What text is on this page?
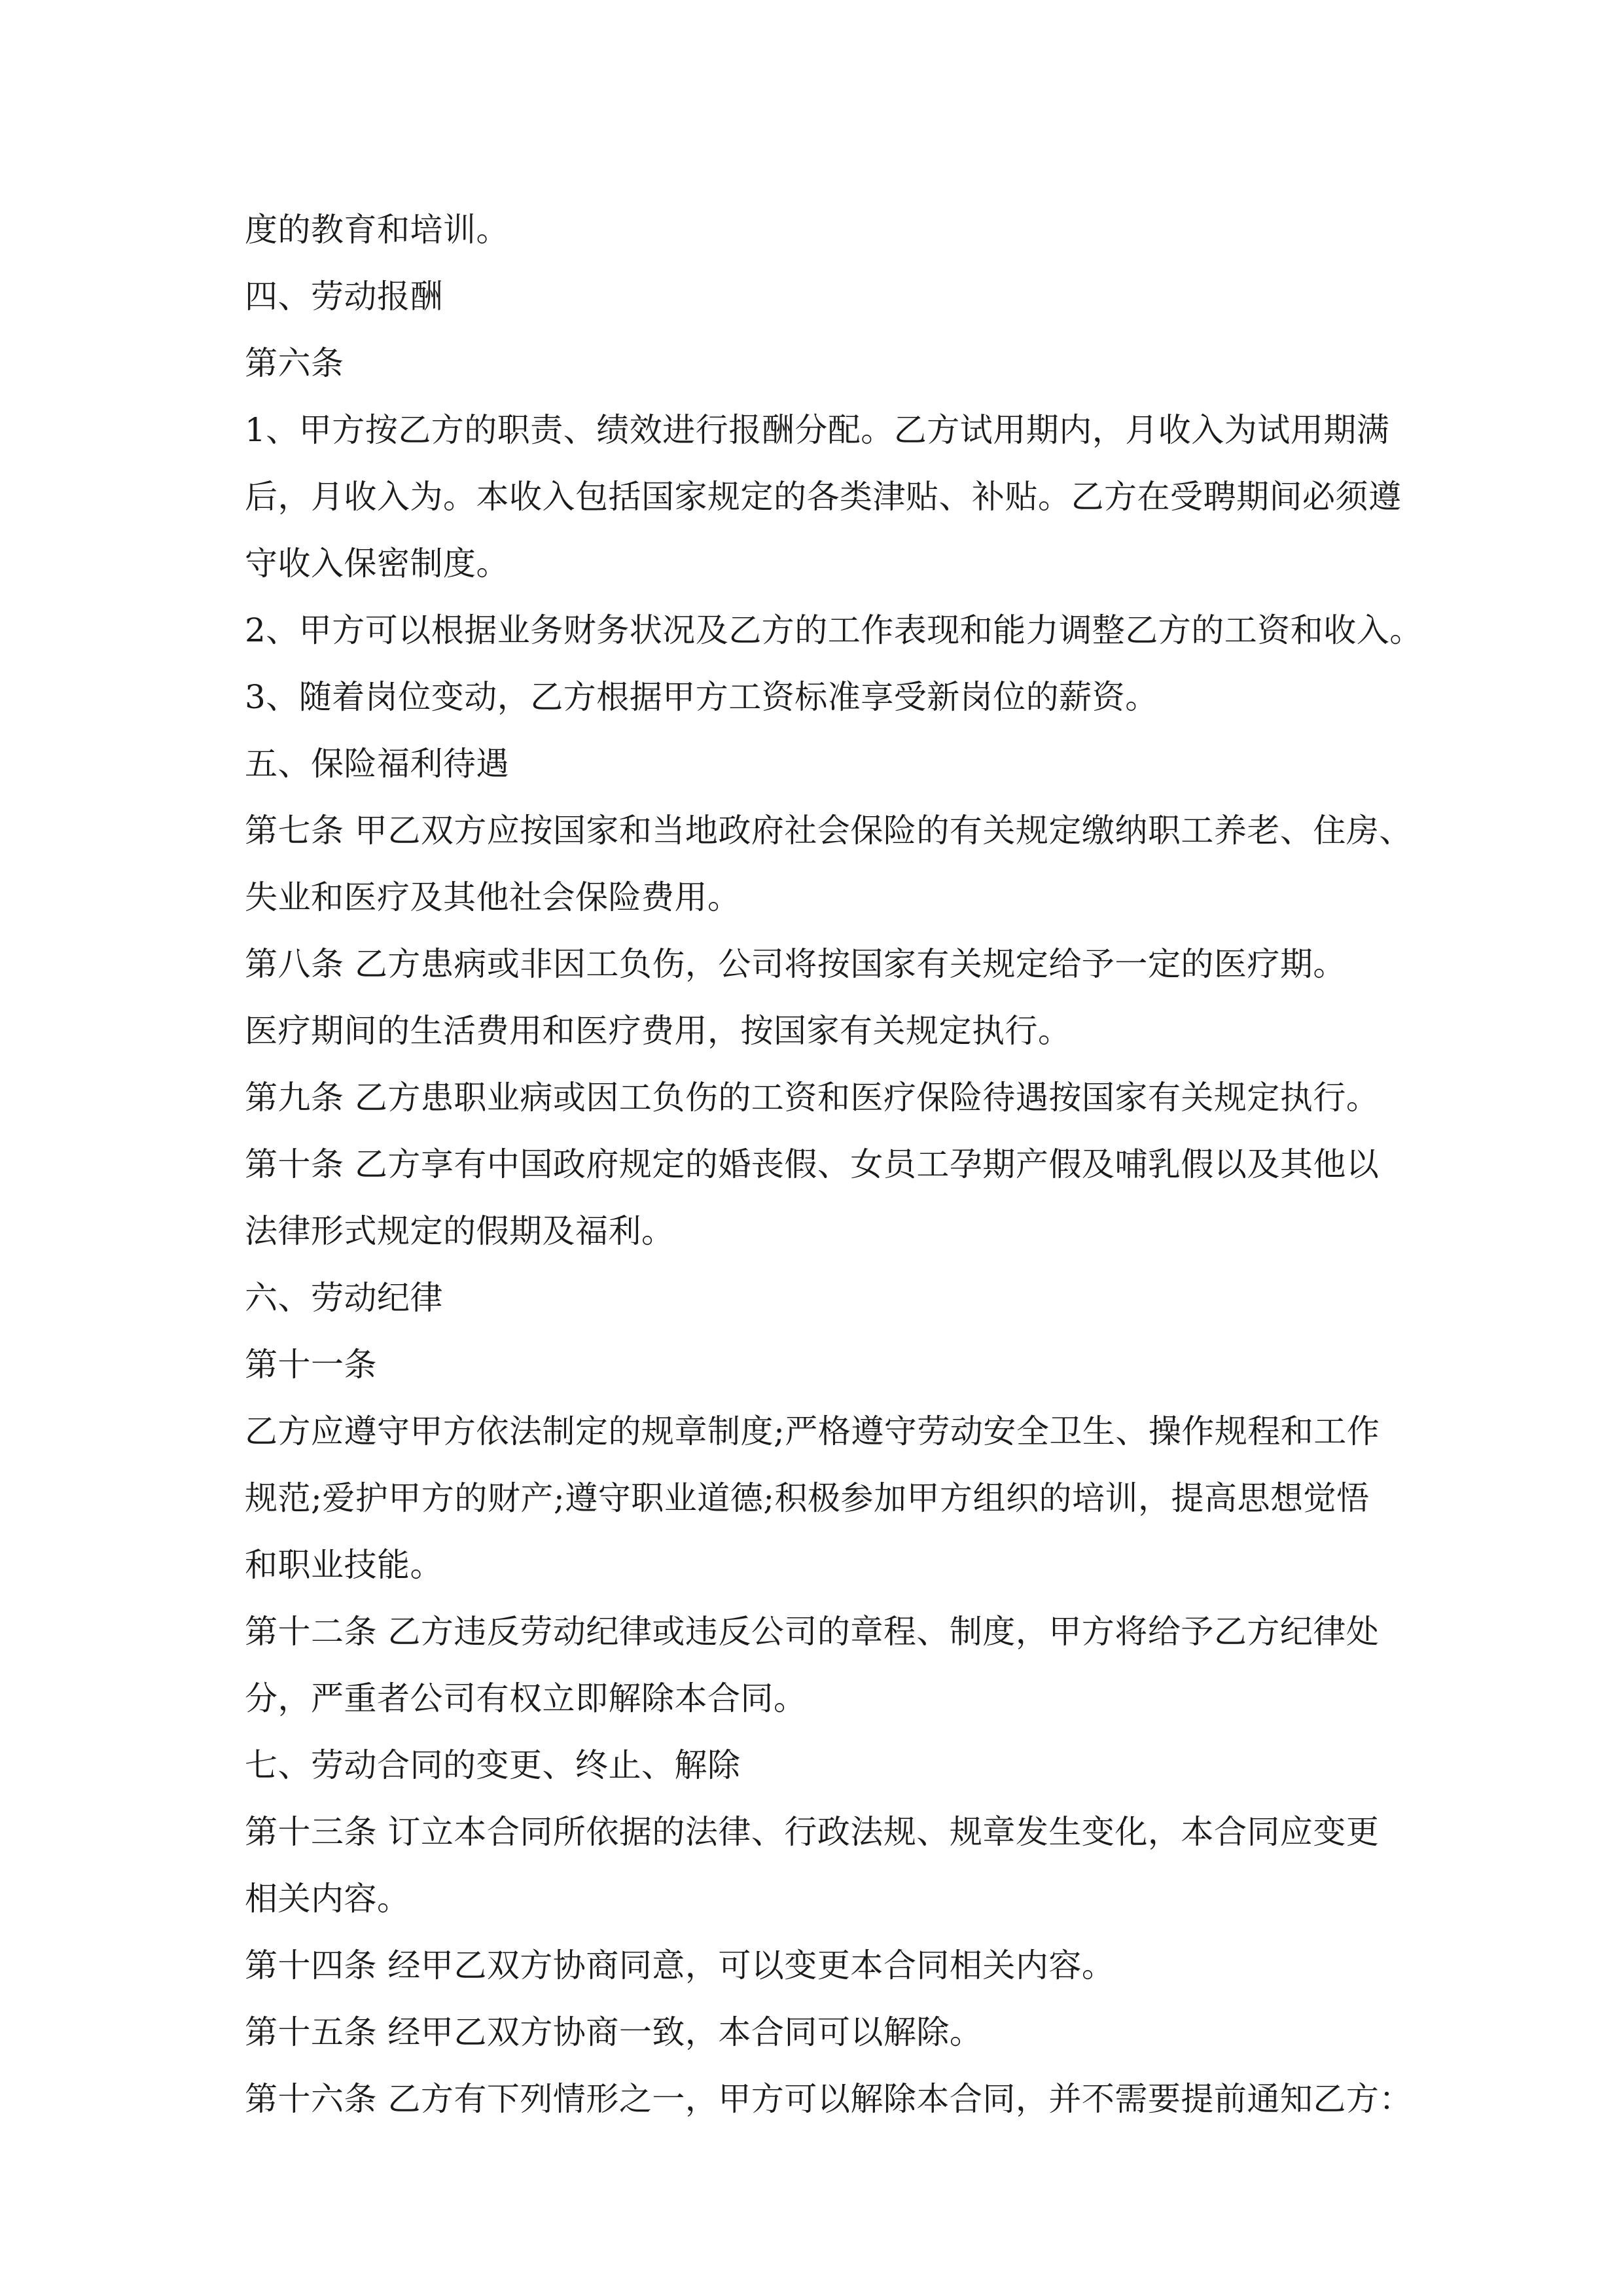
度的教育和培训。
四、劳动报酬
第六条
1、甲方按乙方的职责、绩效进行报酬分配。乙方试用期内，月收入为试用期满
后，月收入为。本收入包括国家规定的各类津贴、补贴。乙方在受聘期间必须遵
守收入保密制度。
2、甲方可以根据业务财务状况及乙方的工作表现和能力调整乙方的工资和收入。
3、随着岗位变动，乙方根据甲方工资标准享受新岗位的薪资。
五、保险福利待遇
第七条 甲乙双方应按国家和当地政府社会保险的有关规定缴纳职工养老、住房、
失业和医疗及其他社会保险费用。
第八条 乙方患病或非因工负伤，公司将按国家有关规定给予一定的医疗期。
医疗期间的生活费用和医疗费用，按国家有关规定执行。
第九条 乙方患职业病或因工负伤的工资和医疗保险待遇按国家有关规定执行。
第十条 乙方享有中国政府规定的婚丧假、女员工孕期产假及哺乳假以及其他以
法律形式规定的假期及福利。
六、劳动纪律
第十一条
乙方应遵守甲方依法制定的规章制度;严格遵守劳动安全卫生、操作规程和工作
规范;爱护甲方的财产;遵守职业道德;积极参加甲方组织的培训，提高思想觉悟
和职业技能。
第十二条 乙方违反劳动纪律或违反公司的章程、制度，甲方将给予乙方纪律处
分，严重者公司有权立即解除本合同。
七、劳动合同的变更、终止、解除
第十三条 订立本合同所依据的法律、行政法规、规章发生变化，本合同应变更
相关内容。
第十四条 经甲乙双方协商同意，可以变更本合同相关内容。
第十五条 经甲乙双方协商一致，本合同可以解除。
第十六条 乙方有下列情形之一，甲方可以解除本合同，并不需要提前通知乙方：
